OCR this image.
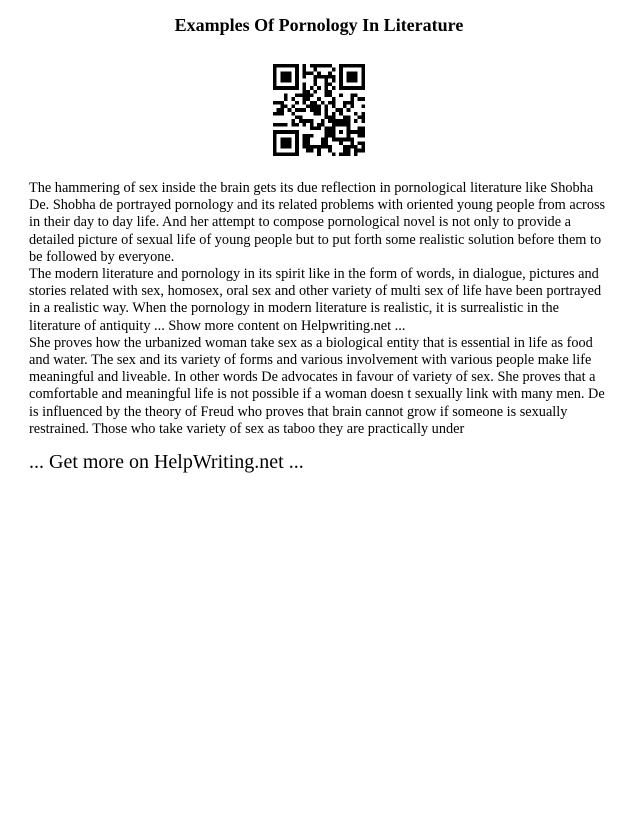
Examples Of Pornology In Literature

The hammering of sex inside the brain gets its due reflection in pornological literature like Shobha De. Shobha de portrayed pornology and its related problems with oriented young people from across in their day to day life. And her attempt to compose pornological novel is not only to provide a detailed picture of sexual life of young people but to put forth some realistic solution before them to be followed by everyone.

The modern literature and pornology in its spirit like in the form of words, in dialogue, pictures and stories related with sex, homosex, oral sex and other variety of multi sex of life have been portrayed in a realistic way. When the pornology in modern literature is realistic, it is surrealistic in the literature of antiquity ... Show more content on Helpwriting.net ...

She proves how the urbanized woman take sex as a biological entity that is essential in life as food and water. The sex and its variety of forms and various involvement with various people make life meaningful and liveable. In other words De advocates in favour of variety of sex. She proves that a comfortable and meaningful life is not possible if a woman doesn t sexually link with many men. De is influenced by the theory of Freud who proves that brain cannot grow if someone is sexually restrained. Those who take variety of sex as taboo they are practically under

... Get more on HelpWriting.net ...
